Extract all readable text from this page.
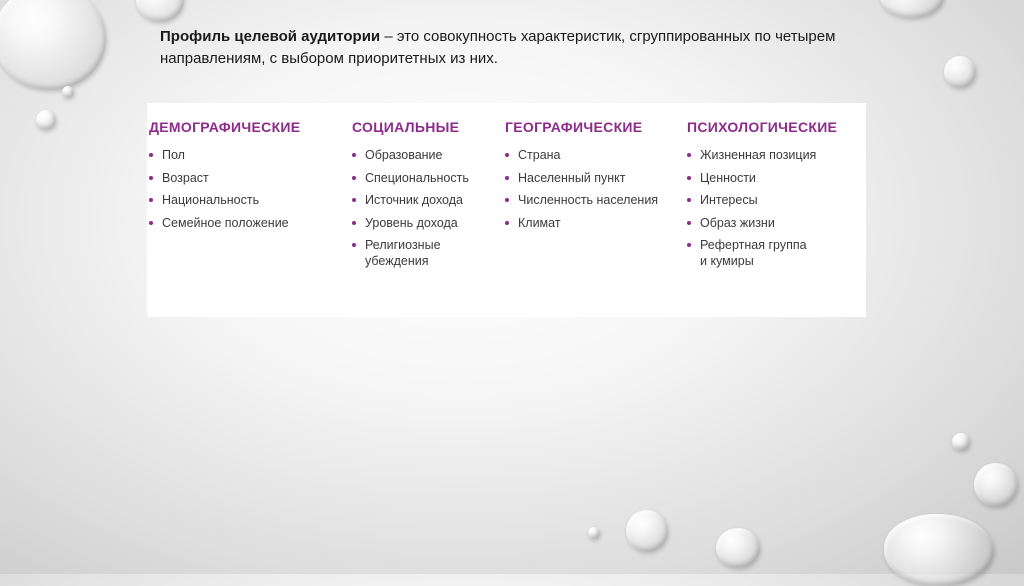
Профиль целевой аудитории – это совокупность характеристик, сгруппированных по четырем направлениям, с выбором приоритетных из них.
ДЕМОГРАФИЧЕСКИЕ
Пол
Возраст
Национальность
Семейное положение
СОЦИАЛЬНЫЕ
Образование
Специональность
Источник дохода
Уровень дохода
Религиозные
убеждения
ГЕОГРАФИЧЕСКИЕ
Страна
Населенный пункт
Численность населения
Климат
ПСИХОЛОГИЧЕСКИЕ
Жизненная позиция
Ценности
Интересы
Образ жизни
Рефертная группа
и кумиры
